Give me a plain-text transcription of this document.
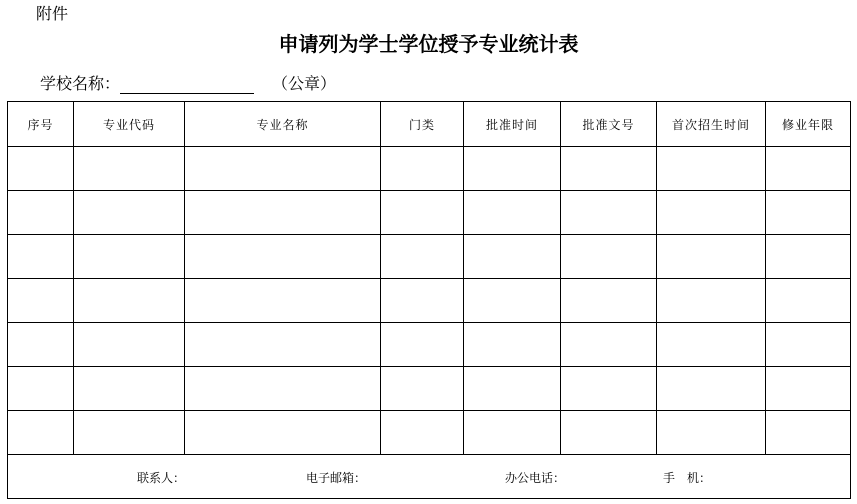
附件
申请列为学士学位授予专业统计表
学校名称：	（公章）
序号	专业代码	专业名称	门类	批准时间	批准文号	首次招生时间	修业年限

联系人： 电子邮箱： 办公电话： 手　机：							
